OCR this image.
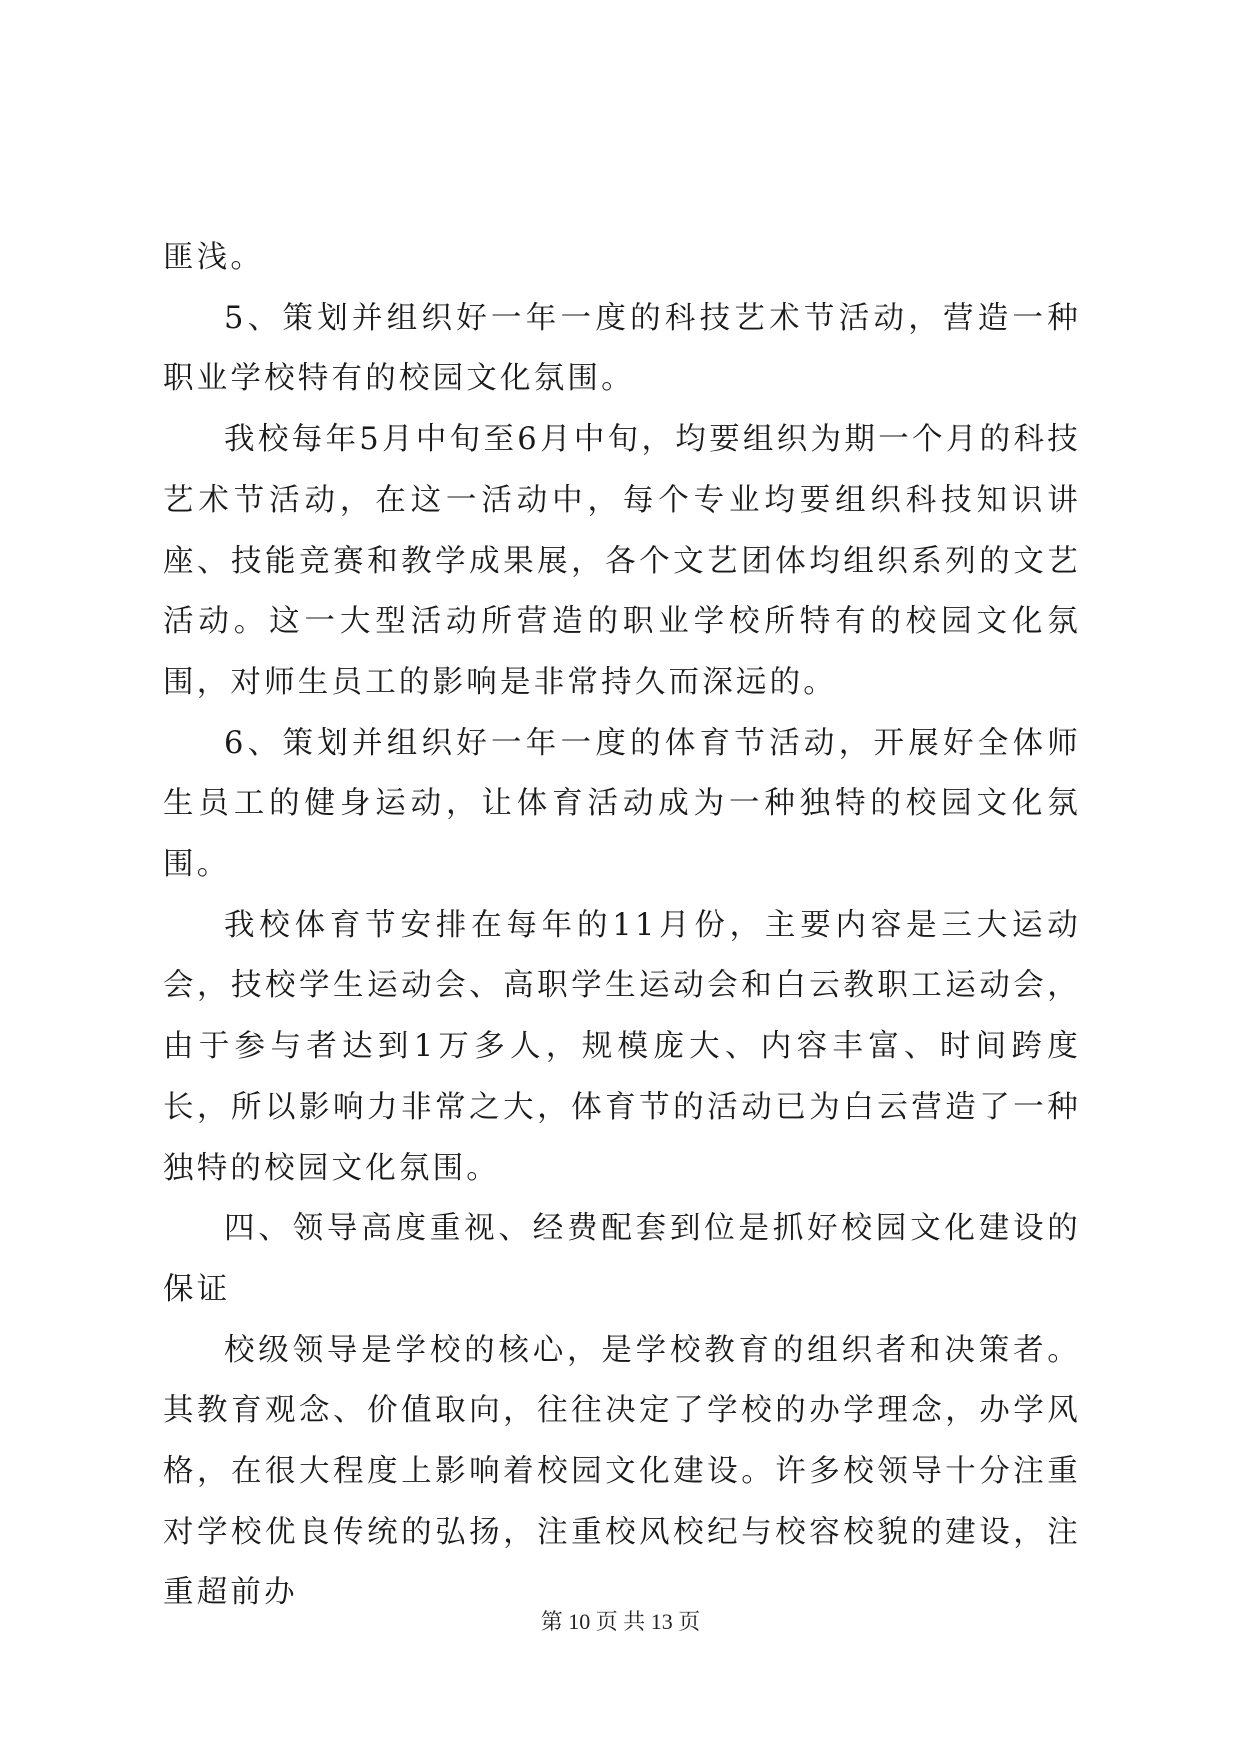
匪浅。

5、策划并组织好一年一度的科技艺术节活动，营造一种职业学校特有的校园文化氛围。

我校每年5月中旬至6月中旬，均要组织为期一个月的科技艺术节活动，在这一活动中，每个专业均要组织科技知识讲座、技能竞赛和教学成果展，各个文艺团体均组织系列的文艺活动。这一大型活动所营造的职业学校所特有的校园文化氛围，对师生员工的影响是非常持久而深远的。

6、策划并组织好一年一度的体育节活动，开展好全体师生员工的健身运动，让体育活动成为一种独特的校园文化氛围。

我校体育节安排在每年的11月份，主要内容是三大运动会，技校学生运动会、高职学生运动会和白云教职工运动会，由于参与者达到1万多人，规模庞大、内容丰富、时间跨度长，所以影响力非常之大，体育节的活动已为白云营造了一种独特的校园文化氛围。

四、领导高度重视、经费配套到位是抓好校园文化建设的保证

校级领导是学校的核心，是学校教育的组织者和决策者。其教育观念、价值取向，往往决定了学校的办学理念，办学风格，在很大程度上影响着校园文化建设。许多校领导十分注重对学校优良传统的弘扬，注重校风校纪与校容校貌的建设，注重超前办

第 10 页 共 13 页
